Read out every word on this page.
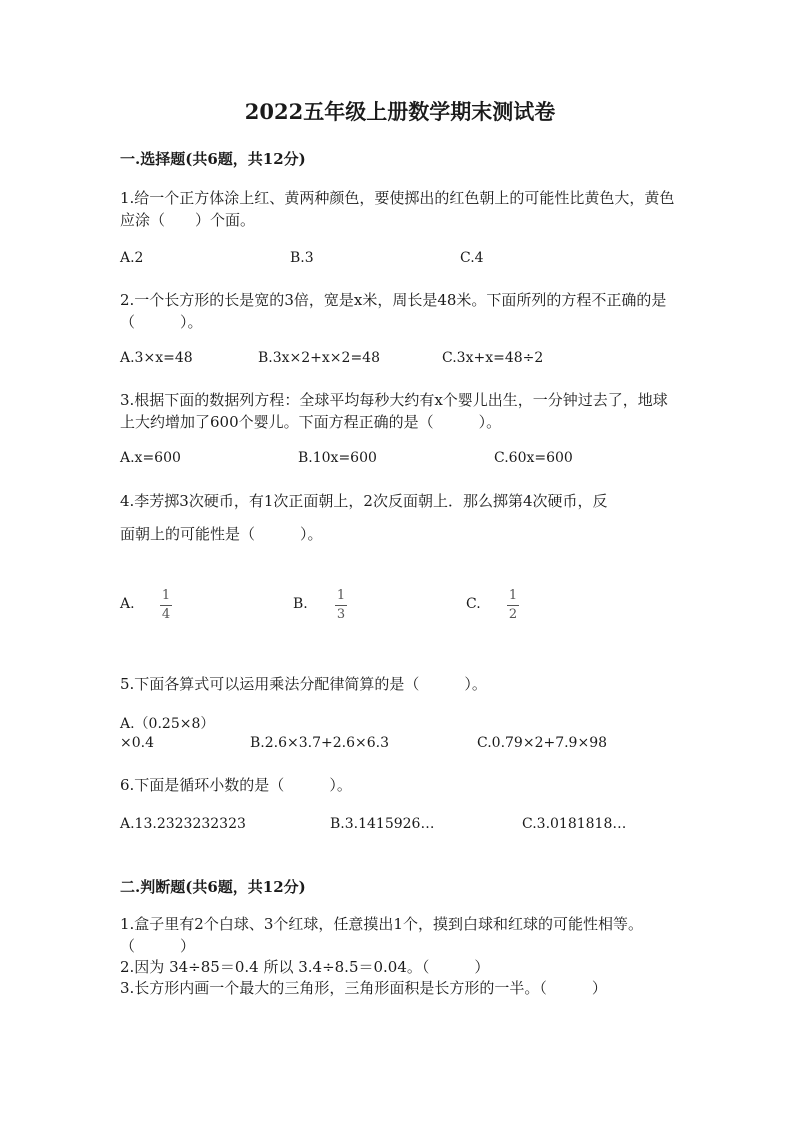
2022五年级上册数学期末测试卷
一.选择题(共6题，共12分)
1.给一个正方体涂上红、黄两种颜色，要使掷出的红色朝上的可能性比黄色大，黄色应涂（　　）个面。
A.2	B.3	C.4
2.一个长方形的长是宽的3倍，宽是x米，周长是48米。下面所列的方程不正确的是（　　　）。
A.3×x=48	B.3x×2+x×2=48	C.3x+x=48÷2
3.根据下面的数据列方程：全球平均每秒大约有x个婴儿出生，一分钟过去了，地球上大约增加了600个婴儿。下面方程正确的是（　　　）。
A.x=600	B.10x=600	C.60x=600
4.李芳掷3次硬币，有1次正面朝上，2次反面朝上．那么掷第4次硬币，反
面朝上的可能性是（　　　）。
A.
1
4
B.
1
3
C.
1
2
5.下面各算式可以运用乘法分配律简算的是（　　　）。
A.（0.25×8）
×0.4	B.2.6×3.7+2.6×6.3	C.0.79×2+7.9×98
6.下面是循环小数的是（　　　）。
A.13.2323232323	B.3.1415926…	C.3.0181818…
二.判断题(共6题，共12分)
1.盒子里有2个白球、3个红球，任意摸出1个，摸到白球和红球的可能性相等。（　　　）
2.因为 34÷85＝0.4 所以 3.4÷8.5＝0.04。（　　　）
3.长方形内画一个最大的三角形，三角形面积是长方形的一半。（　　　）
